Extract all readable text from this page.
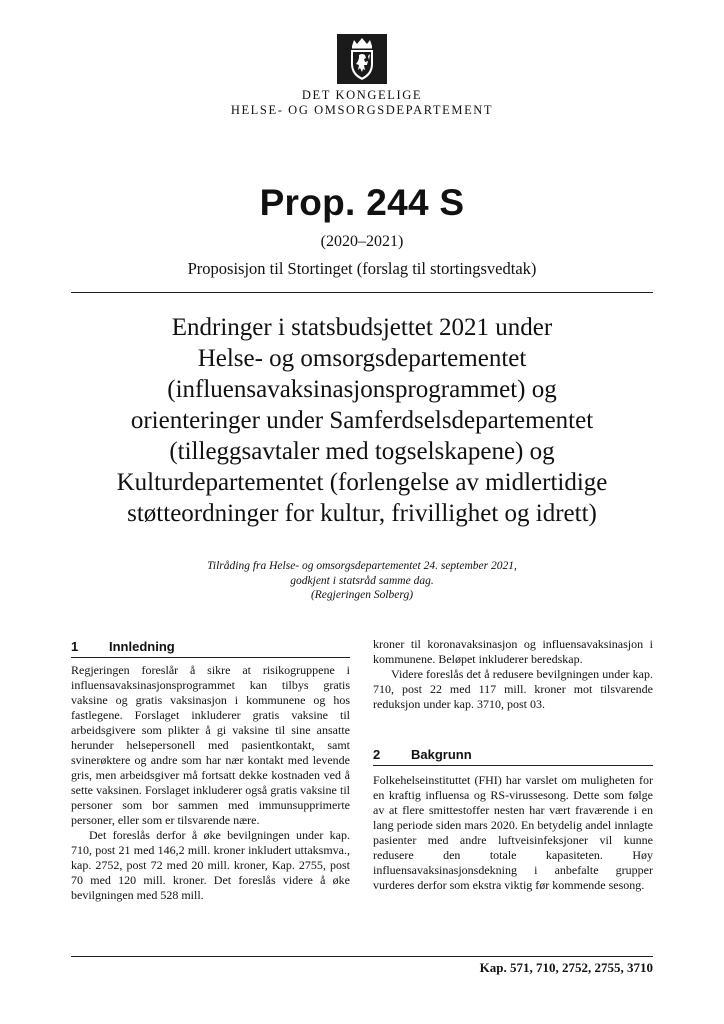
DET KONGELIGE
HELSE- OG OMSORGSDEPARTEMENT
Prop. 244 S
(2020–2021)
Proposisjon til Stortinget (forslag til stortingsvedtak)
Endringer i statsbudsjettet 2021 under
Helse- og omsorgsdepartementet
(influensavaksinasjonsprogrammet) og
orienteringer under Samferdselsdepartementet
(tilleggsavtaler med togselskapene) og
Kulturdepartementet (forlengelse av midlertidige
støtteordninger for kultur, frivillighet og idrett)
Tilråding fra Helse- og omsorgsdepartementet 24. september 2021,
godkjent i statsråd samme dag.
(Regjeringen Solberg)
1 Innledning

Regjeringen foreslår å sikre at risikogruppene i influensavaksinasjonsprogrammet kan tilbys gratis vaksine og gratis vaksinasjon i kommunene og hos fastlegene. Forslaget inkluderer gratis vaksine til arbeidsgivere som plikter å gi vaksine til sine ansatte herunder helsepersonell med pasientkontakt, samt svinerøktere og andre som har nær kontakt med levende gris, men arbeidsgiver må fortsatt dekke kostnaden ved å sette vaksinen. Forslaget inkluderer også gratis vaksine til personer som bor sammen med immunsupprimerte personer, eller som er tilsvarende nære.

Det foreslås derfor å øke bevilgningen under kap. 710, post 21 med 146,2 mill. kroner inkludert uttaksmva., kap. 2752, post 72 med 20 mill. kroner, Kap. 2755, post 70 med 120 mill. kroner. Det foreslås videre å øke bevilgningen med 528 mill.

kroner til koronavaksinasjon og influensavaksinasjon i kommunene. Beløpet inkluderer beredskap.

Videre foreslås det å redusere bevilgningen under kap. 710, post 22 med 117 mill. kroner mot tilsvarende reduksjon under kap. 3710, post 03.

2 Bakgrunn

Folkehelseinstituttet (FHI) har varslet om muligheten for en kraftig influensa og RS-virussesong. Dette som følge av at flere smittestoffer nesten har vært fraværende i en lang periode siden mars 2020. En betydelig andel innlagte pasienter med andre luftveisinfeksjoner vil kunne redusere den totale kapasiteten. Høy influensavaksinasjonsdekning i anbefalte grupper vurderes derfor som ekstra viktig før kommende sesong.

Kap. 571, 710, 2752, 2755, 3710
